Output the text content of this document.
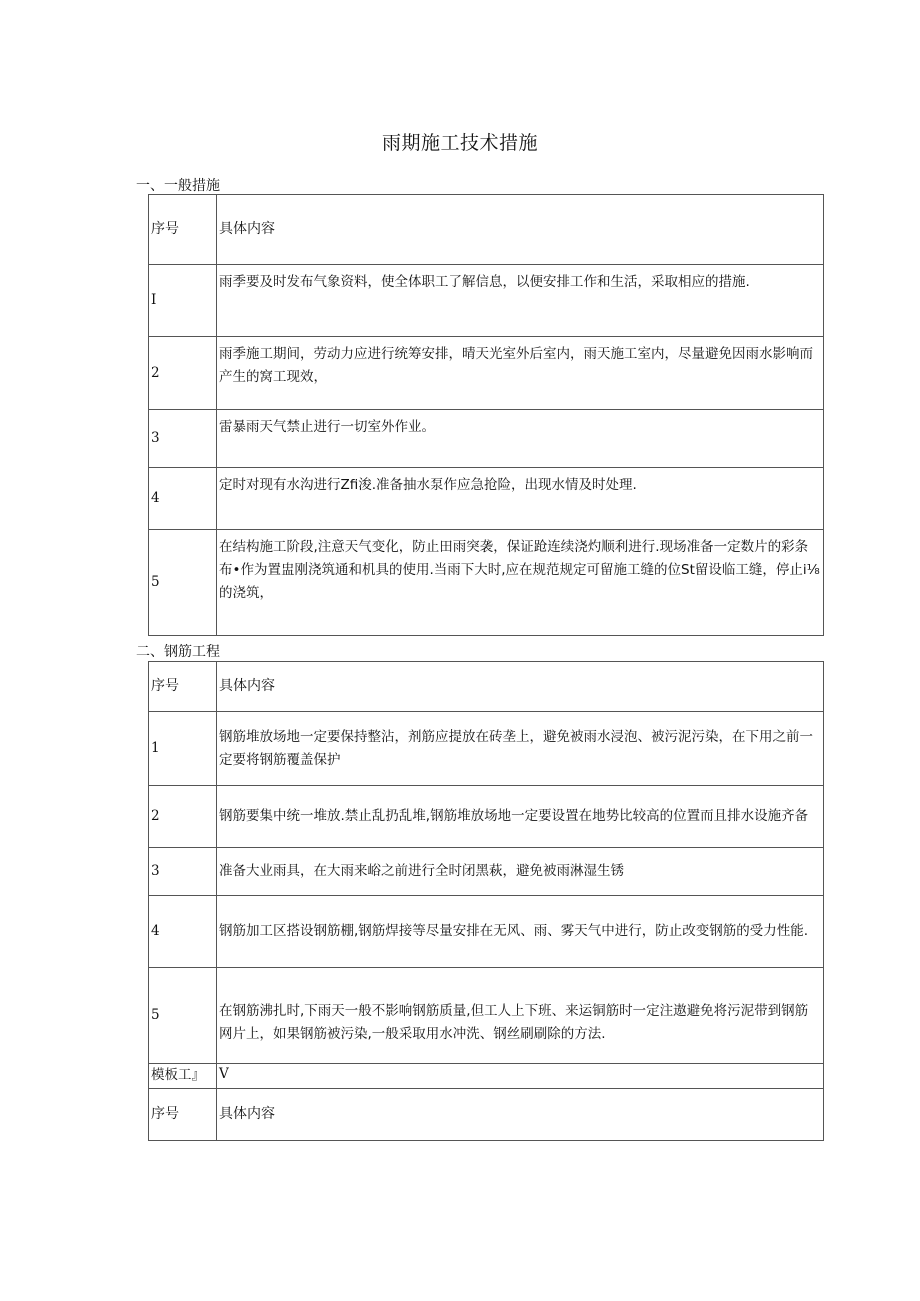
雨期施工技术措施
一、一般措施
序号	具体内容
I	雨季要及时发布气象资料，使全体职工了解信息，以便安排工作和生活，采取相应的措施.
2	雨季施工期间，劳动力应进行统筹安排，晴天光室外后室内，雨天施工室内，尽量避免因雨水影响而产生的窝工现效，
3	雷暴雨天气禁止进行一切室外作业。
4	定时对现有水沟进行Zfi浚.准备抽水泵作应急抢险，出现水情及时处理.
5	在结构施工阶段,注意天气变化，防止田雨突袭，保证跄连续浇灼顺利进行.现场准备一定数片的彩条布•作为置盅刚浇筑通和机具的使用.当雨下大时,应在规范规定可留施工缝的位St留设临工缝，停止i⅛的浇筑，
二、钢筋工程
序号	具体内容
1	钢筋堆放场地一定要保持整沾，剂筋应提放在砖垄上，避免被雨水浸泡、被污泥污染，在下用之前一定要将钢筋覆盖保护
2	钢筋要集中统一堆放.禁止乱扔乱堆,钢筋堆放场地一定要设置在地势比较高的位置而且排水设施齐备
3	准备大业雨具，在大雨来峪之前进行全时闭黑萩，避免被雨淋湿生锈
4	钢筋加工区搭设钢筋棚,钢筋焊接等尽量安排在无风、雨、雾天气中进行，防止改变钢筋的受力性能.
5	在钢筋沸扎时,下雨天一般不影响钢筋质量,但工人上下班、来运铜筋时一定注遨避免将污泥带到钢筋网片上，如果钢筋被污染,一般采取用水冲洗、钢丝刷刷除的方法.
模板工』	V
序号	具体内容
